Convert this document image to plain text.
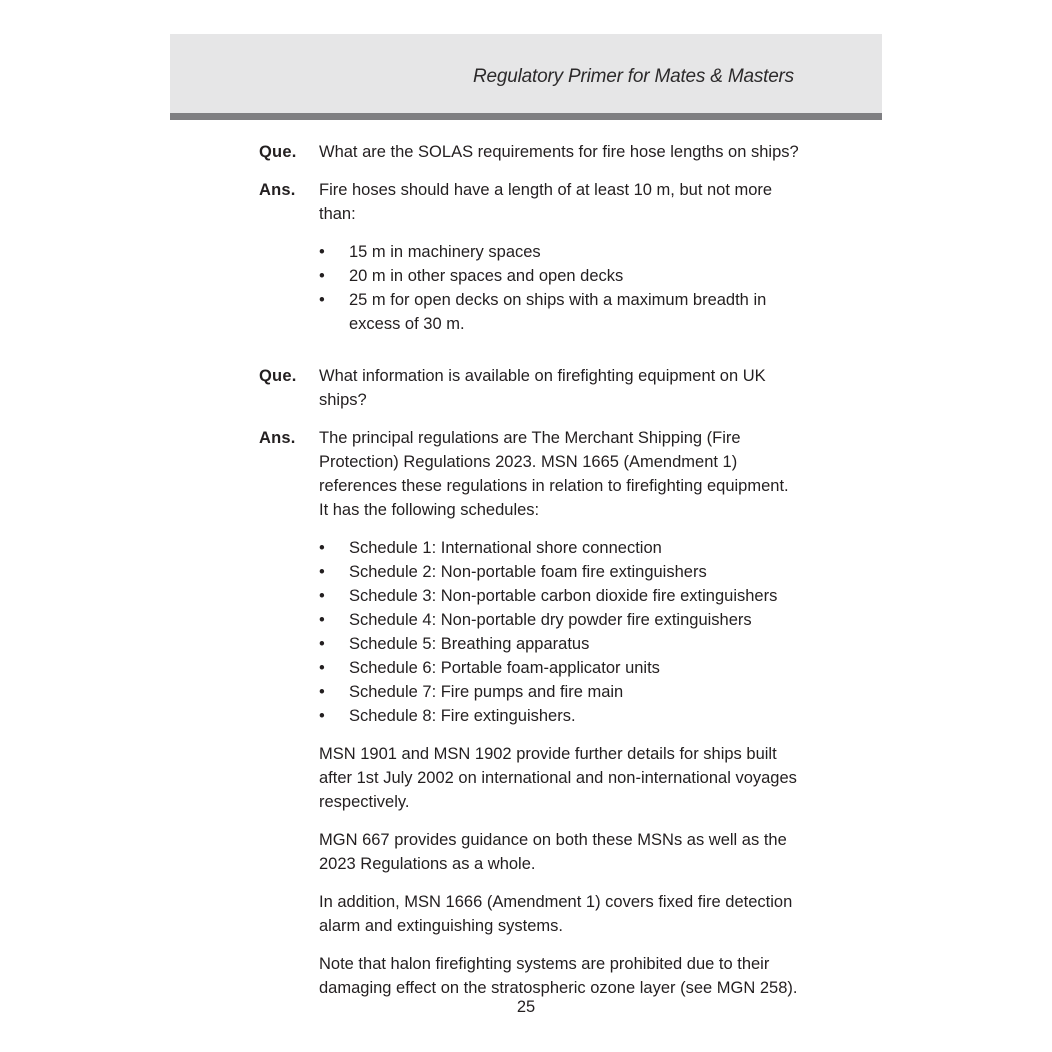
Regulatory Primer for Mates & Masters
Que.	What are the SOLAS requirements for fire hose lengths on ships?

Ans.	Fire hoses should have a length of at least 10 m, but not more than:

• 15 m in machinery spaces
• 20 m in other spaces and open decks
• 25 m for open decks on ships with a maximum breadth in excess of 30 m.
Que.	What information is available on firefighting equipment on UK ships?

Ans.	The principal regulations are The Merchant Shipping (Fire Protection) Regulations 2023. MSN 1665 (Amendment 1) references these regulations in relation to firefighting equipment. It has the following schedules:

• Schedule 1: International shore connection
• Schedule 2: Non-portable foam fire extinguishers
• Schedule 3: Non-portable carbon dioxide fire extinguishers
• Schedule 4: Non-portable dry powder fire extinguishers
• Schedule 5: Breathing apparatus
• Schedule 6: Portable foam-applicator units
• Schedule 7: Fire pumps and fire main
• Schedule 8: Fire extinguishers.

MSN 1901 and MSN 1902 provide further details for ships built after 1st July 2002 on international and non-international voyages respectively.

MGN 667 provides guidance on both these MSNs as well as the 2023 Regulations as a whole.

In addition, MSN 1666 (Amendment 1) covers fixed fire detection alarm and extinguishing systems.

Note that halon firefighting systems are prohibited due to their damaging effect on the stratospheric ozone layer (see MGN 258).

25
